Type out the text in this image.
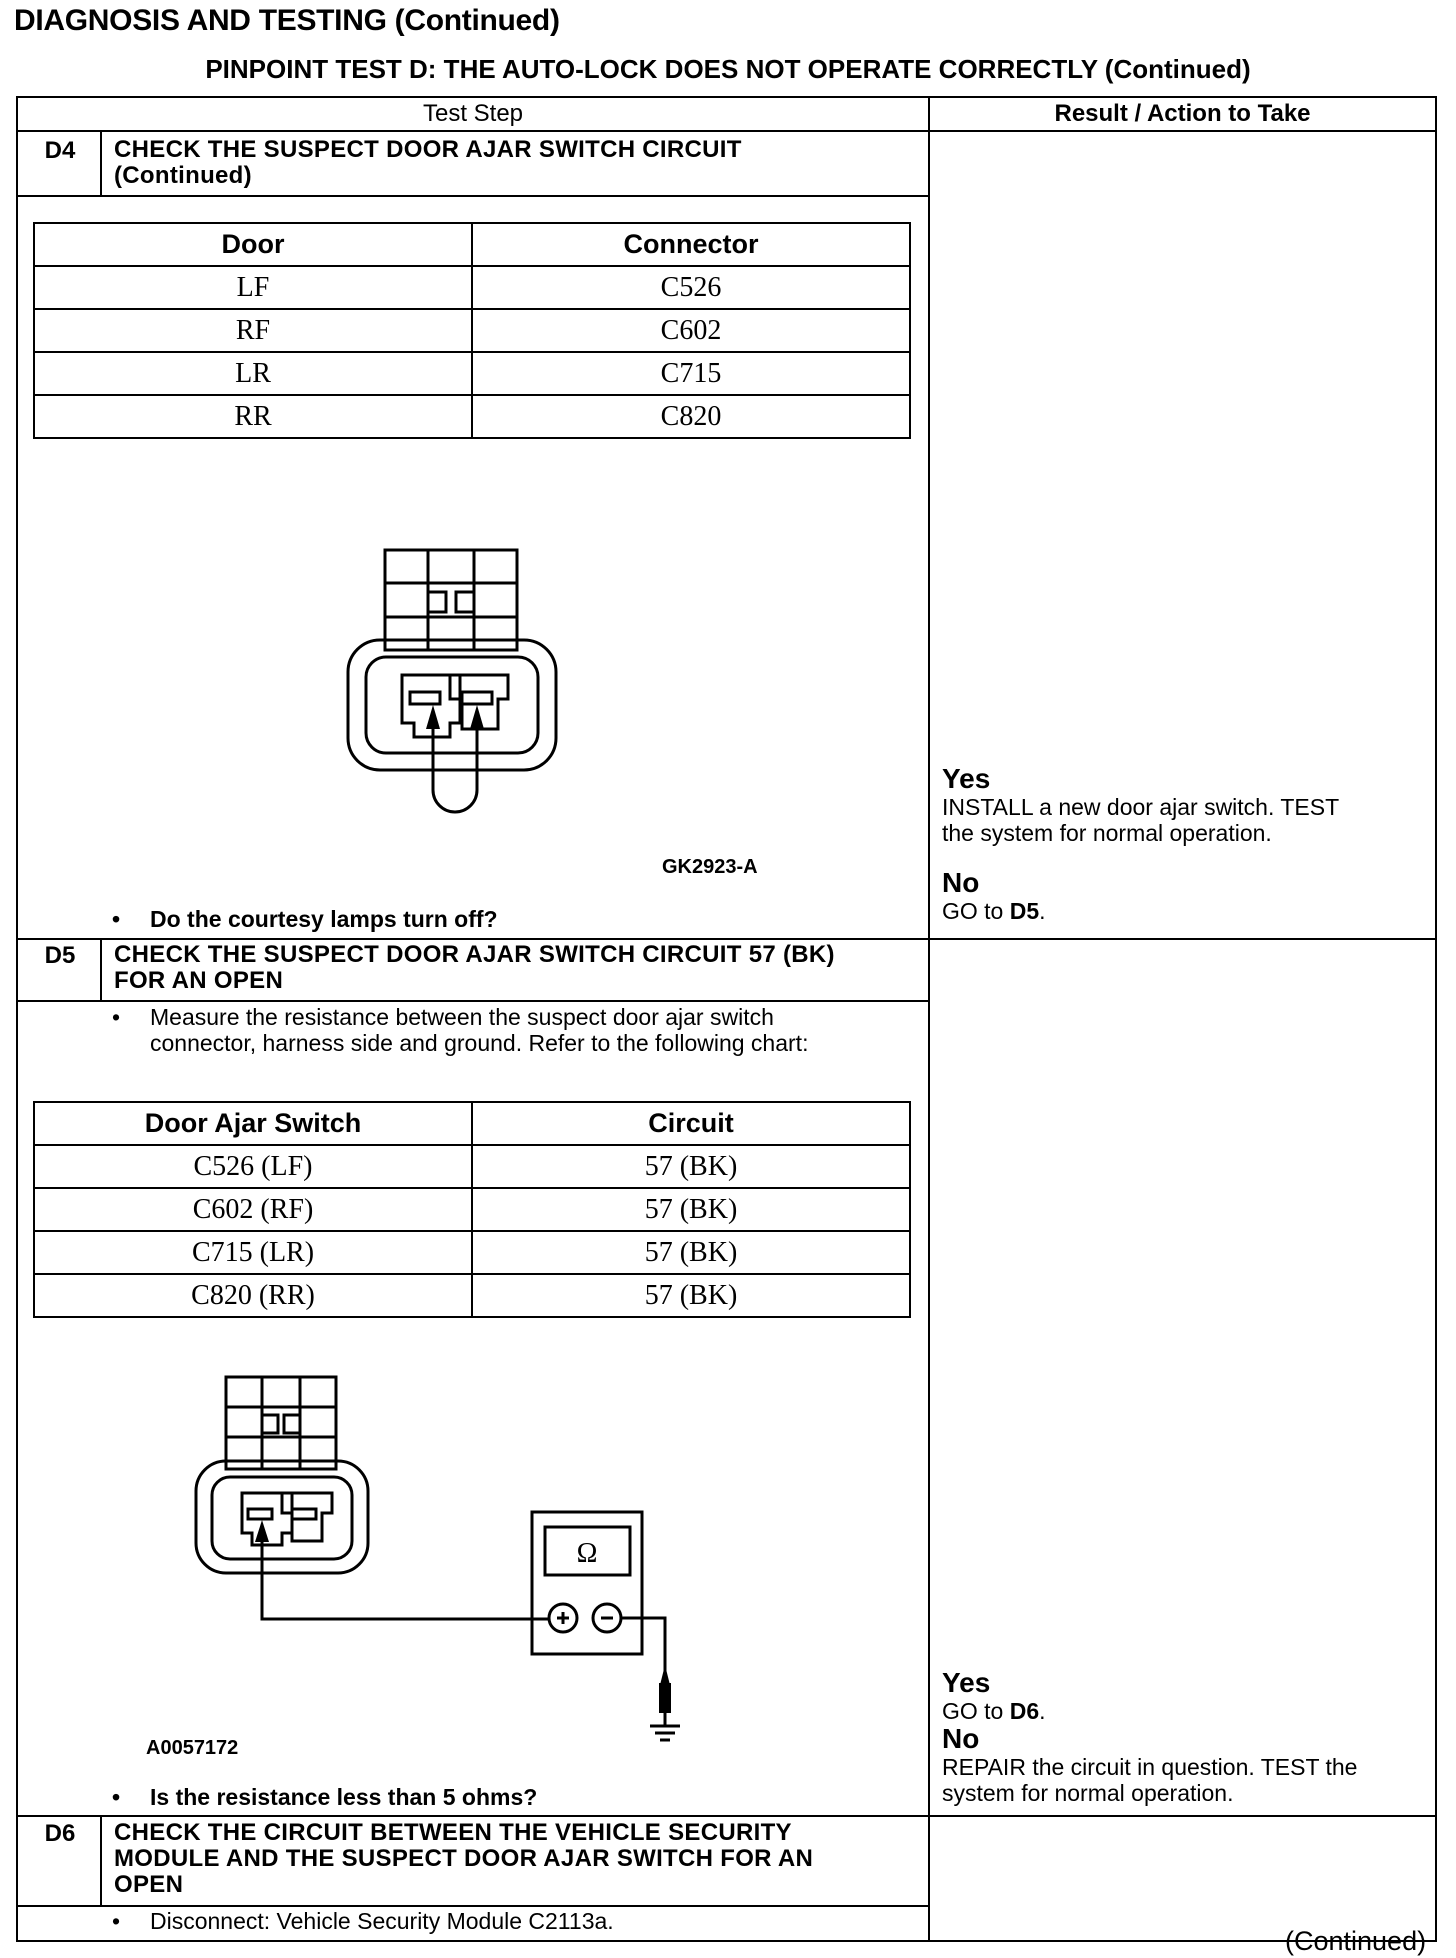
DIAGNOSIS AND TESTING (Continued)
PINPOINT TEST D: THE AUTO-LOCK DOES NOT OPERATE CORRECTLY (Continued)
Test Step	Result / Action to Take
D4	CHECK THE SUSPECT DOOR AJAR SWITCH CIRCUIT
(Continued)
Door	Connector
LF	C526
RF	C602
LR	C715
RR	C820
GK2923-A
• Do the courtesy lamps turn off?
Yes
INSTALL a new door ajar switch. TEST
the system for normal operation.
No
GO to D5.
D5	CHECK THE SUSPECT DOOR AJAR SWITCH CIRCUIT 57 (BK)
FOR AN OPEN
• Measure the resistance between the suspect door ajar switch
connector, harness side and ground. Refer to the following chart:
Door Ajar Switch	Circuit
C526 (LF)	57 (BK)
C602 (RF)	57 (BK)
C715 (LR)	57 (BK)
C820 (RR)	57 (BK)
Ω
A0057172
• Is the resistance less than 5 ohms?
Yes
GO to D6.
No
REPAIR the circuit in question. TEST the
system for normal operation.
D6	CHECK THE CIRCUIT BETWEEN THE VEHICLE SECURITY
MODULE AND THE SUSPECT DOOR AJAR SWITCH FOR AN
OPEN
• Disconnect: Vehicle Security Module C2113a.
(Continued)
